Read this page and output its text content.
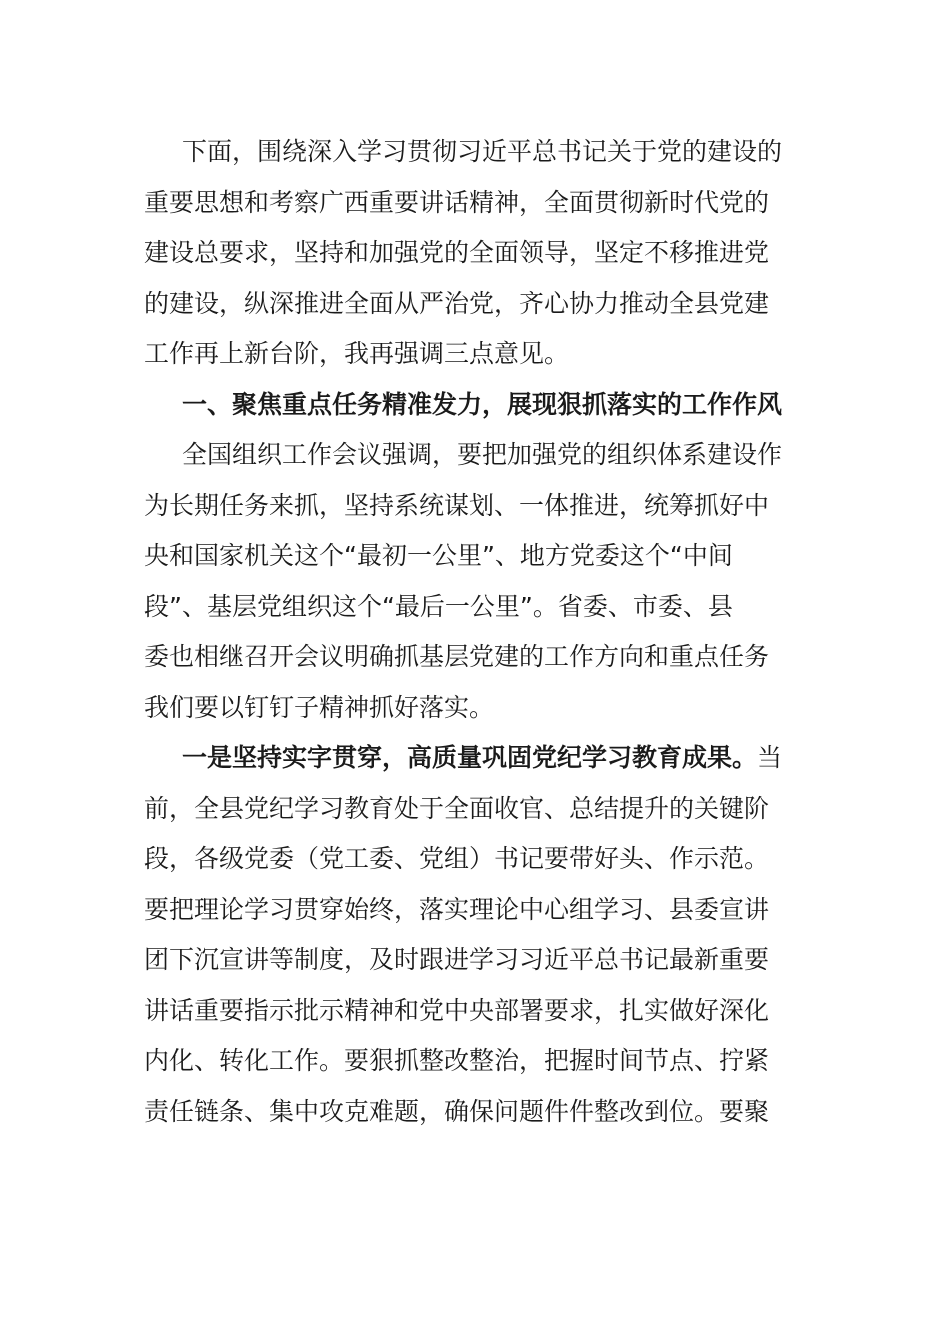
下面，围绕深入学习贯彻习近平总书记关于党的建设的
重要思想和考察广西重要讲话精神，全面贯彻新时代党的
建设总要求，坚持和加强党的全面领导，坚定不移推进党
的建设，纵深推进全面从严治党，齐心协力推动全县党建
工作再上新台阶，我再强调三点意见。
一、聚焦重点任务精准发力，展现狠抓落实的工作作风
全国组织工作会议强调，要把加强党的组织体系建设作
为长期任务来抓，坚持系统谋划、一体推进，统筹抓好中
央和国家机关这个“最初一公里”、地方党委这个“中间
段”、基层党组织这个“最后一公里”。省委、市委、县
委也相继召开会议明确抓基层党建的工作方向和重点任务
我们要以钉钉子精神抓好落实。
一是坚持实字贯穿，高质量巩固党纪学习教育成果。当
前，全县党纪学习教育处于全面收官、总结提升的关键阶
段，各级党委（党工委、党组）书记要带好头、作示范。
要把理论学习贯穿始终，落实理论中心组学习、县委宣讲
团下沉宣讲等制度，及时跟进学习习近平总书记最新重要
讲话重要指示批示精神和党中央部署要求，扎实做好深化
内化、转化工作。要狠抓整改整治，把握时间节点、拧紧
责任链条、集中攻克难题，确保问题件件整改到位。要聚
